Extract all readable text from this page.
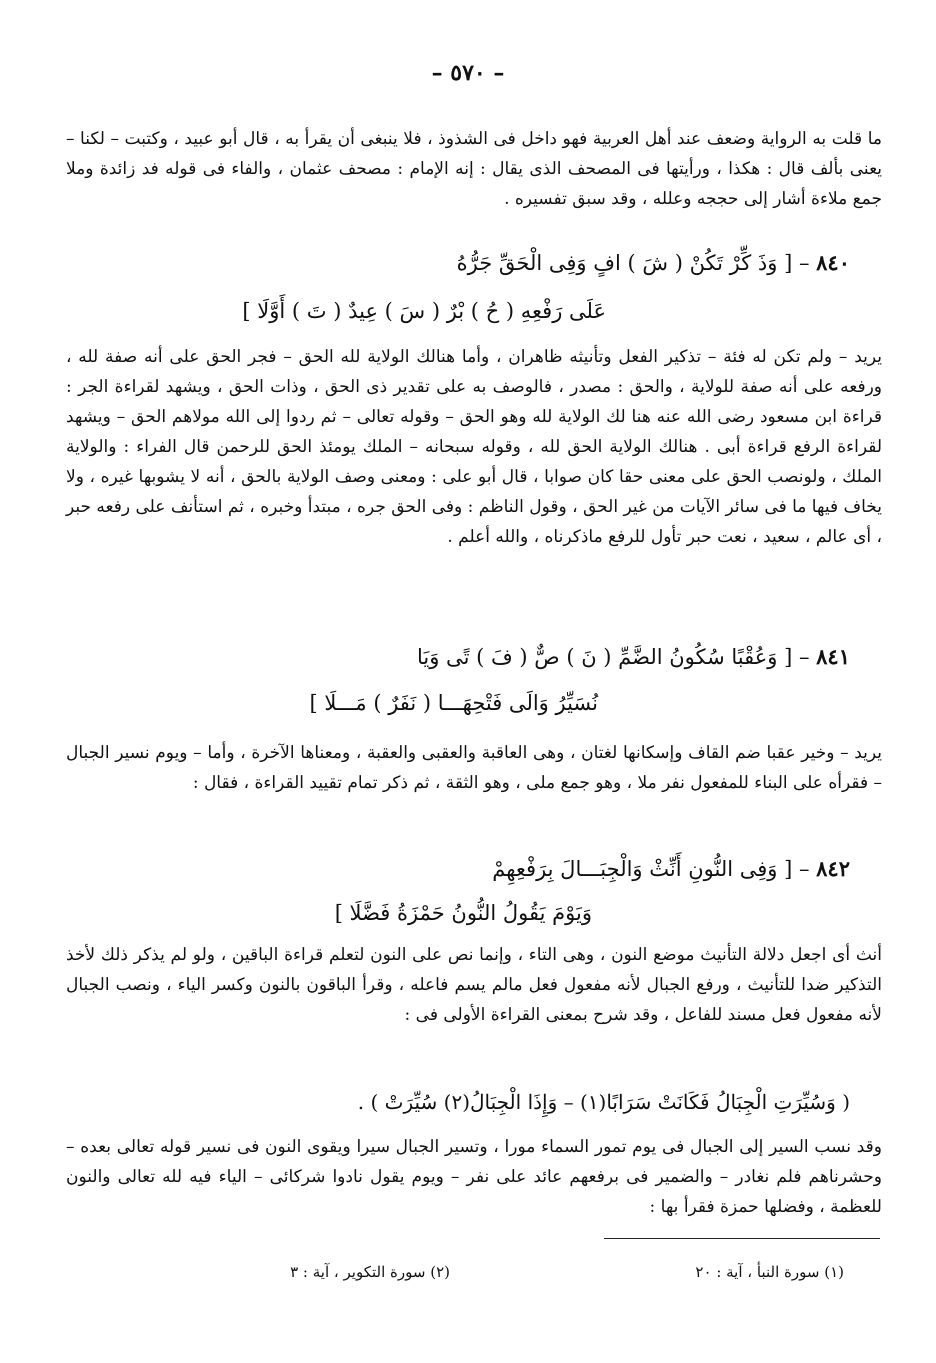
– ٥٧٠ –
ما قلت به الرواية وضعف عند أهل العربية فهو داخل فى الشذوذ ، فلا ينبغى أن يقرأ به ، قال أبو عبيد ، وكتبت – لكنا – يعنى بألف قال : هكذا ، ورأيتها فى المصحف الذى يقال : إنه الإمام : مصحف عثمان ، والفاء فى قوله فد زائدة وملا جمع ملاءة أشار إلى حججه وعلله ، وقد سبق تفسيره .
٨٤٠ – [ وَذَ كِّرْ تَكُنْ ( شَ ) افٍ وَفِى الْحَقِّ جَرُّهُ
عَلَى رَفْعِهِ ( حُ ) بْرٌ ( سَ ) عِيدٌ ( تَ ) أَوَّلَا ]
يريد – ولم تكن له فئة – تذكير الفعل وتأنيثه ظاهران ، وأما هنالك الولاية لله الحق – فجر الحق على أنه صفة لله ، ورفعه على أنه صفة للولاية ، والحق : مصدر ، فالوصف به على تقدير ذى الحق ، وذات الحق ، ويشهد لقراءة الجر : قراءة ابن مسعود رضى الله عنه هنا لك الولاية لله وهو الحق – وقوله تعالى – ثم ردوا إلى الله مولاهم الحق – ويشهد لقراءة الرفع قراءة أبى . هنالك الولاية الحق لله ، وقوله سبحانه – الملك يومئذ الحق للرحمن قال الفراء : والولاية الملك ، ولونصب الحق على معنى حقا كان صوابا ، قال أبو على : ومعنى وصف الولاية بالحق ، أنه لا يشوبها غيره ، ولا يخاف فيها ما فى سائر الآيات من غير الحق ، وقول الناظم : وفى الحق جره ، مبتدأ وخبره ، ثم استأنف على رفعه حبر ، أى عالم ، سعيد ، نعت حبر تأول للرفع ماذكرناه ، والله أعلم .
٨٤١ – [ وَعُقْبًا سُكُونُ الضَّمِّ ( نَ ) صٌّ ( فَ ) تًى وَيَا
نُسَيِّرُ وَالَى فَتْحِهَـــا ( نَفَرٌ ) مَـــلَا ]
يريد – وخير عقبا ضم القاف وإسكانها لغتان ، وهى العاقبة والعقبى والعقبة ، ومعناها الآخرة ، وأما – ويوم نسير الجبال – فقرأه على البناء للمفعول نفر ملا ، وهو جمع ملى ، وهو الثقة ، ثم ذكر تمام تقييد القراءة ، فقال :
٨٤٢ – [ وَفِى النُّونِ أَنِّثْ وَالْجِبَـــالَ بِرَفْعِهِمْ
وَيَوْمَ يَقُولُ النُّونُ حَمْزَةُ فَضَّلَا ]
أنث أى اجعل دلالة التأنيث موضع النون ، وهى التاء ، وإنما نص على النون لتعلم قراءة الباقين ، ولو لم يذكر ذلك لأخذ التذكير ضدا للتأنيث ، ورفع الجبال لأنه مفعول فعل مالم يسم فاعله ، وقرأ الباقون بالنون وكسر الياء ، ونصب الجبال لأنه مفعول فعل مسند للفاعل ، وقد شرح بمعنى القراءة الأولى فى :
( وَسُيِّرَتِ الْجِبَالُ فَكَانَتْ سَرَابًا(١) – وَإِذَا الْجِبَالُ(٢) سُيِّرَتْ ) .
وقد نسب السير إلى الجبال فى يوم تمور السماء مورا ، وتسير الجبال سيرا ويقوى النون فى نسير قوله تعالى بعده – وحشرناهم فلم نغادر – والضمير فى برفعهم عائد على نفر – ويوم يقول نادوا شركائى – الياء فيه لله تعالى والنون للعظمة ، وفضلها حمزة فقرأ بها :
(١) سورة النبأ ، آية : ٢٠
(٢) سورة التكوير ، آية : ٣
